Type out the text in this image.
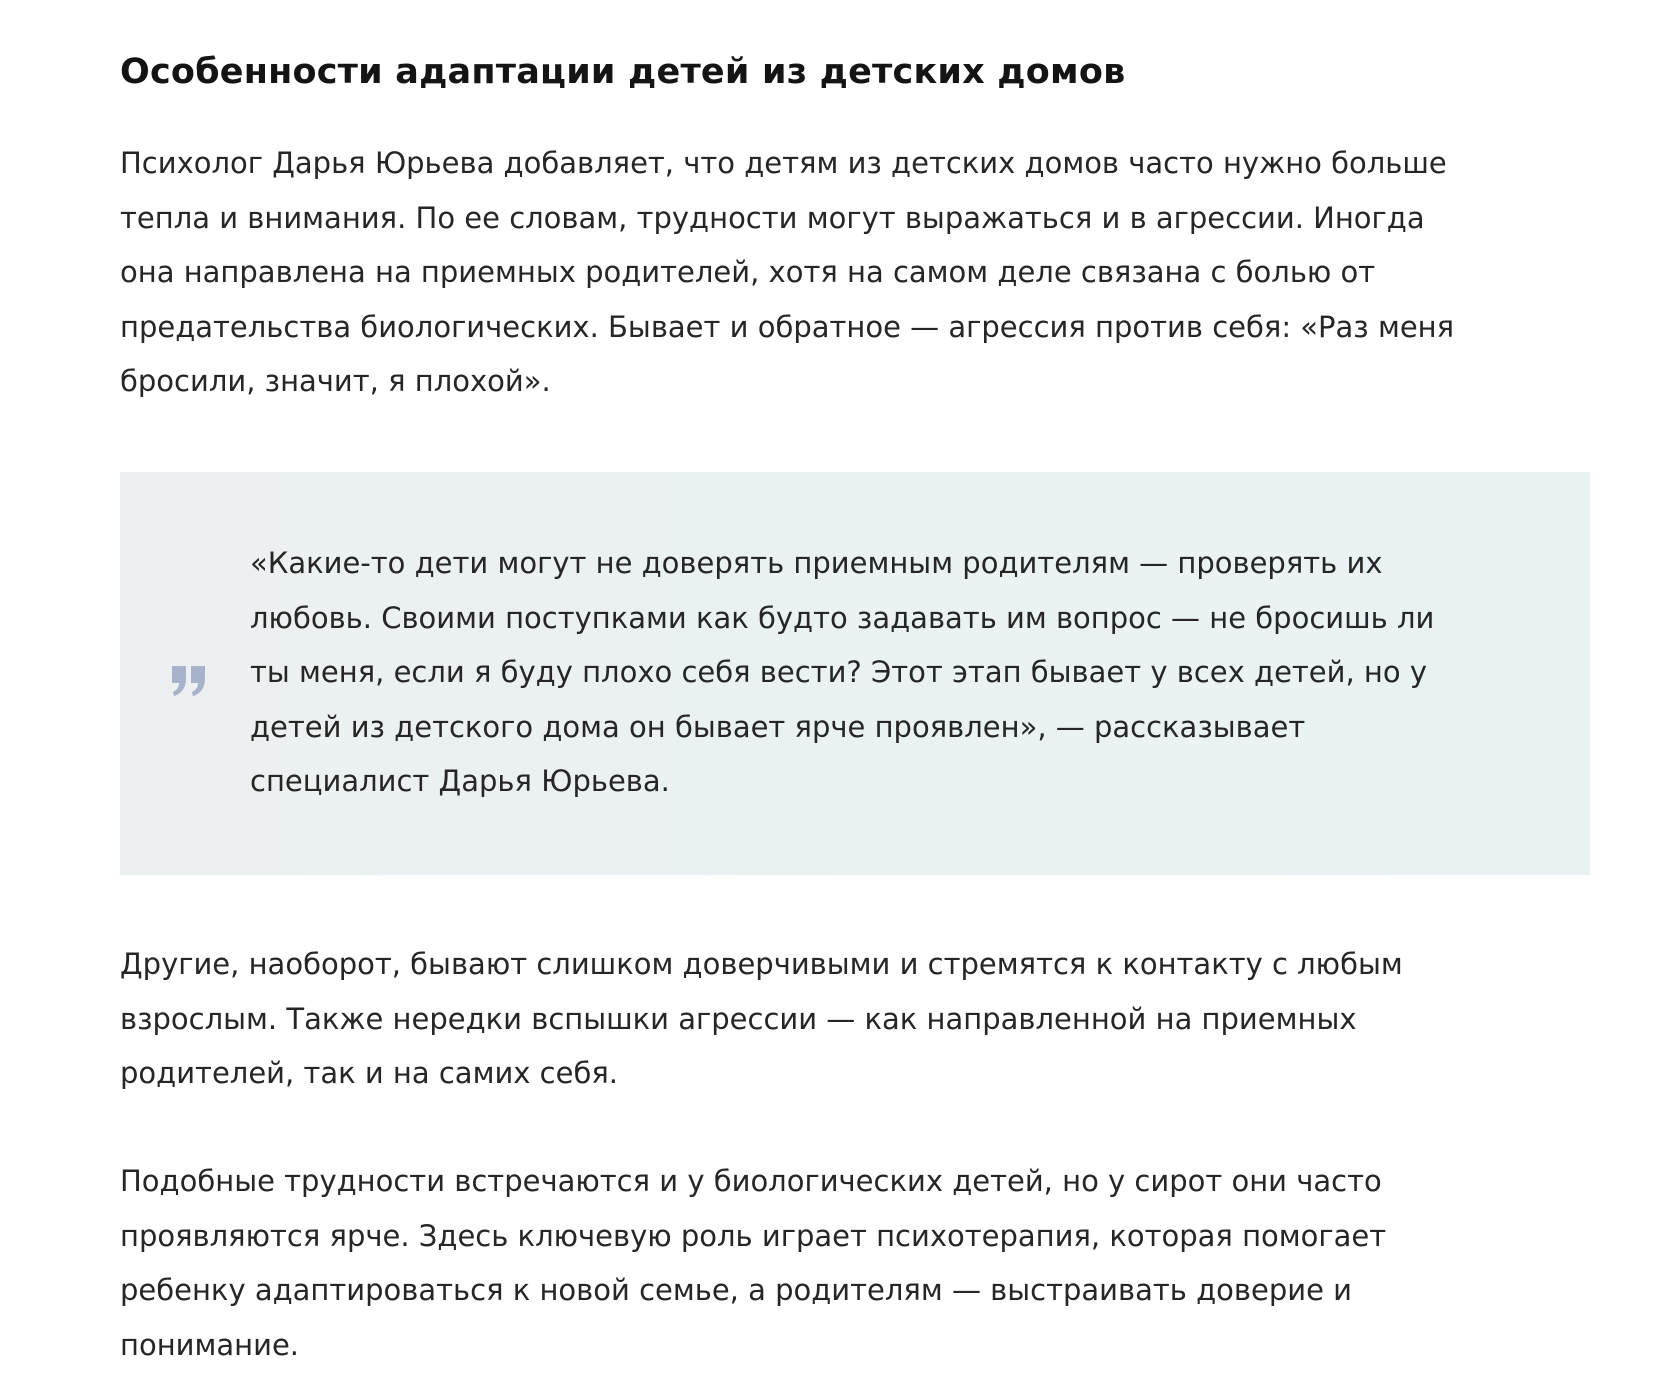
Особенности адаптации детей из детских домов

Психолог Дарья Юрьева добавляет, что детям из детских домов часто нужно больше
тепла и внимания. По ее словам, трудности могут выражаться и в агрессии. Иногда
она направлена на приемных родителей, хотя на самом деле связана с болью от
предательства биологических. Бывает и обратное — агрессия против себя: «Раз меня
бросили, значит, я плохой».

«Какие-то дети могут не доверять приемным родителям — проверять их
любовь. Своими поступками как будто задавать им вопрос — не бросишь ли
ты меня, если я буду плохо себя вести? Этот этап бывает у всех детей, но у
детей из детского дома он бывает ярче проявлен», — рассказывает
специалист Дарья Юрьева.

Другие, наоборот, бывают слишком доверчивыми и стремятся к контакту с любым
взрослым. Также нередки вспышки агрессии — как направленной на приемных
родителей, так и на самих себя.

Подобные трудности встречаются и у биологических детей, но у сирот они часто
проявляются ярче. Здесь ключевую роль играет психотерапия, которая помогает
ребенку адаптироваться к новой семье, а родителям — выстраивать доверие и
понимание.
